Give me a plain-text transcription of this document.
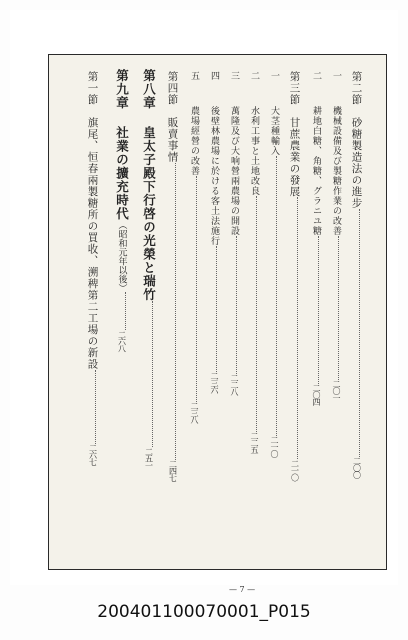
第二節 砂糖製造法の進步二〇〇
一 機械設備及び製糖作業の改善二〇一
二 耕地白糖、角糖、グラニユ糖二〇四
第三節 甘蔗農業の發展二一〇
一 大茎種輸入二一〇
二 水利工事と土地改良二二五
三 萬隆及び大响營兩農場の開設二二八
四 後壁林農場に於ける客土法施行二三六
五 農場經營の改善二三八
第四節 販賣事情二四七
第八章 皇太子殿下行啓の光榮と瑞竹二五一
第九章 社業の擴充時代（昭和元年以後）二六八
第一節 旗尾、恒春兩製糖所の買收、溯稗第二工場の新設二六七
— 7 —
200401100070001_P015
